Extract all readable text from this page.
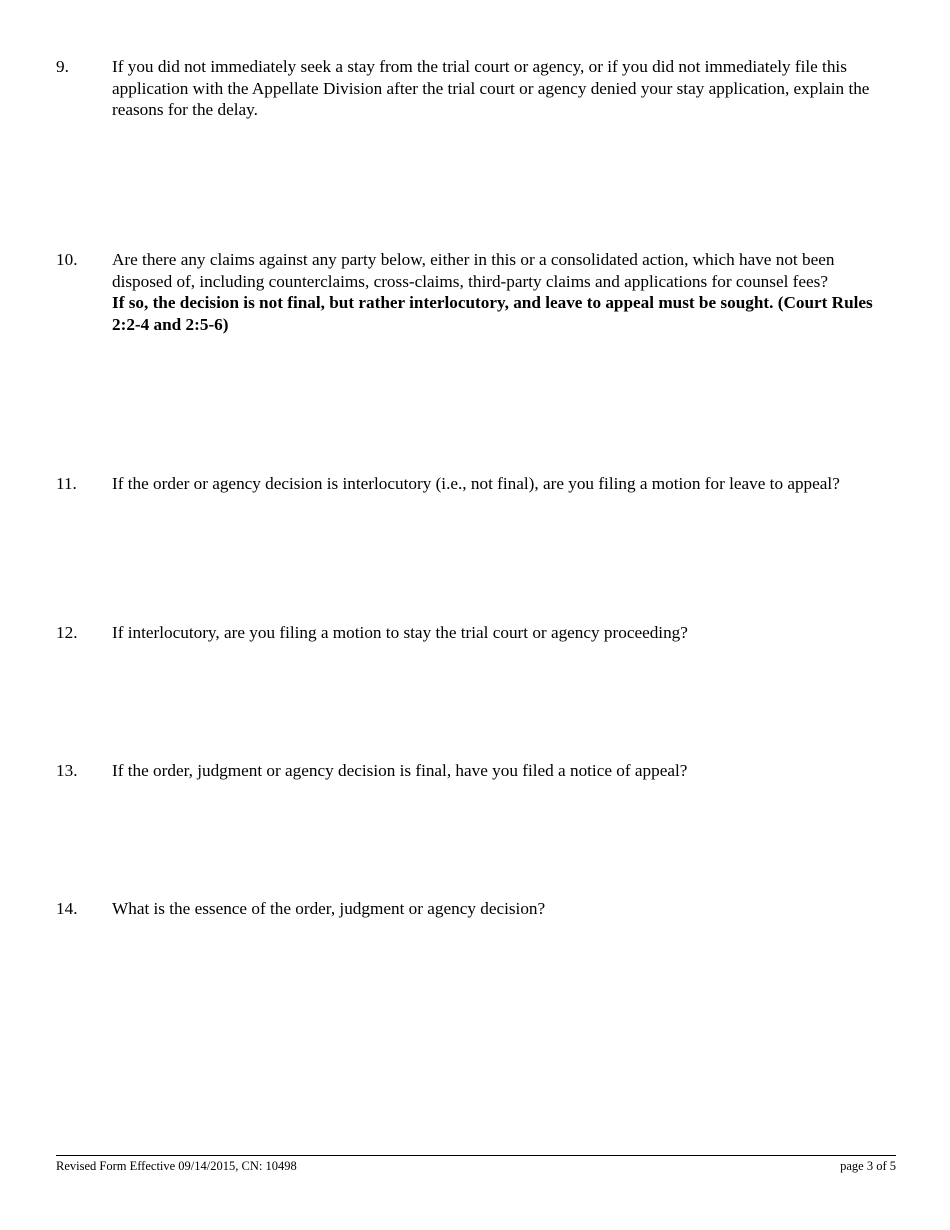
9.	If you did not immediately seek a stay from the trial court or agency, or if you did not immediately file this application with the Appellate Division after the trial court or agency denied your stay application, explain the reasons for the delay.

10.	Are there any claims against any party below, either in this or a consolidated action, which have not been disposed of, including counterclaims, cross-claims, third-party claims and applications for counsel fees?

If so, the decision is not final, but rather interlocutory, and leave to appeal must be sought. (Court Rules 2:2-4 and 2:5-6)

11.	If the order or agency decision is interlocutory (i.e., not final), are you filing a motion for leave to appeal?

12.	If interlocutory, are you filing a motion to stay the trial court or agency proceeding?

13.	If the order, judgment or agency decision is final, have you filed a notice of appeal?

14.	What is the essence of the order, judgment or agency decision?

Revised Form Effective 09/14/2015, CN: 10498	page 3 of 5
